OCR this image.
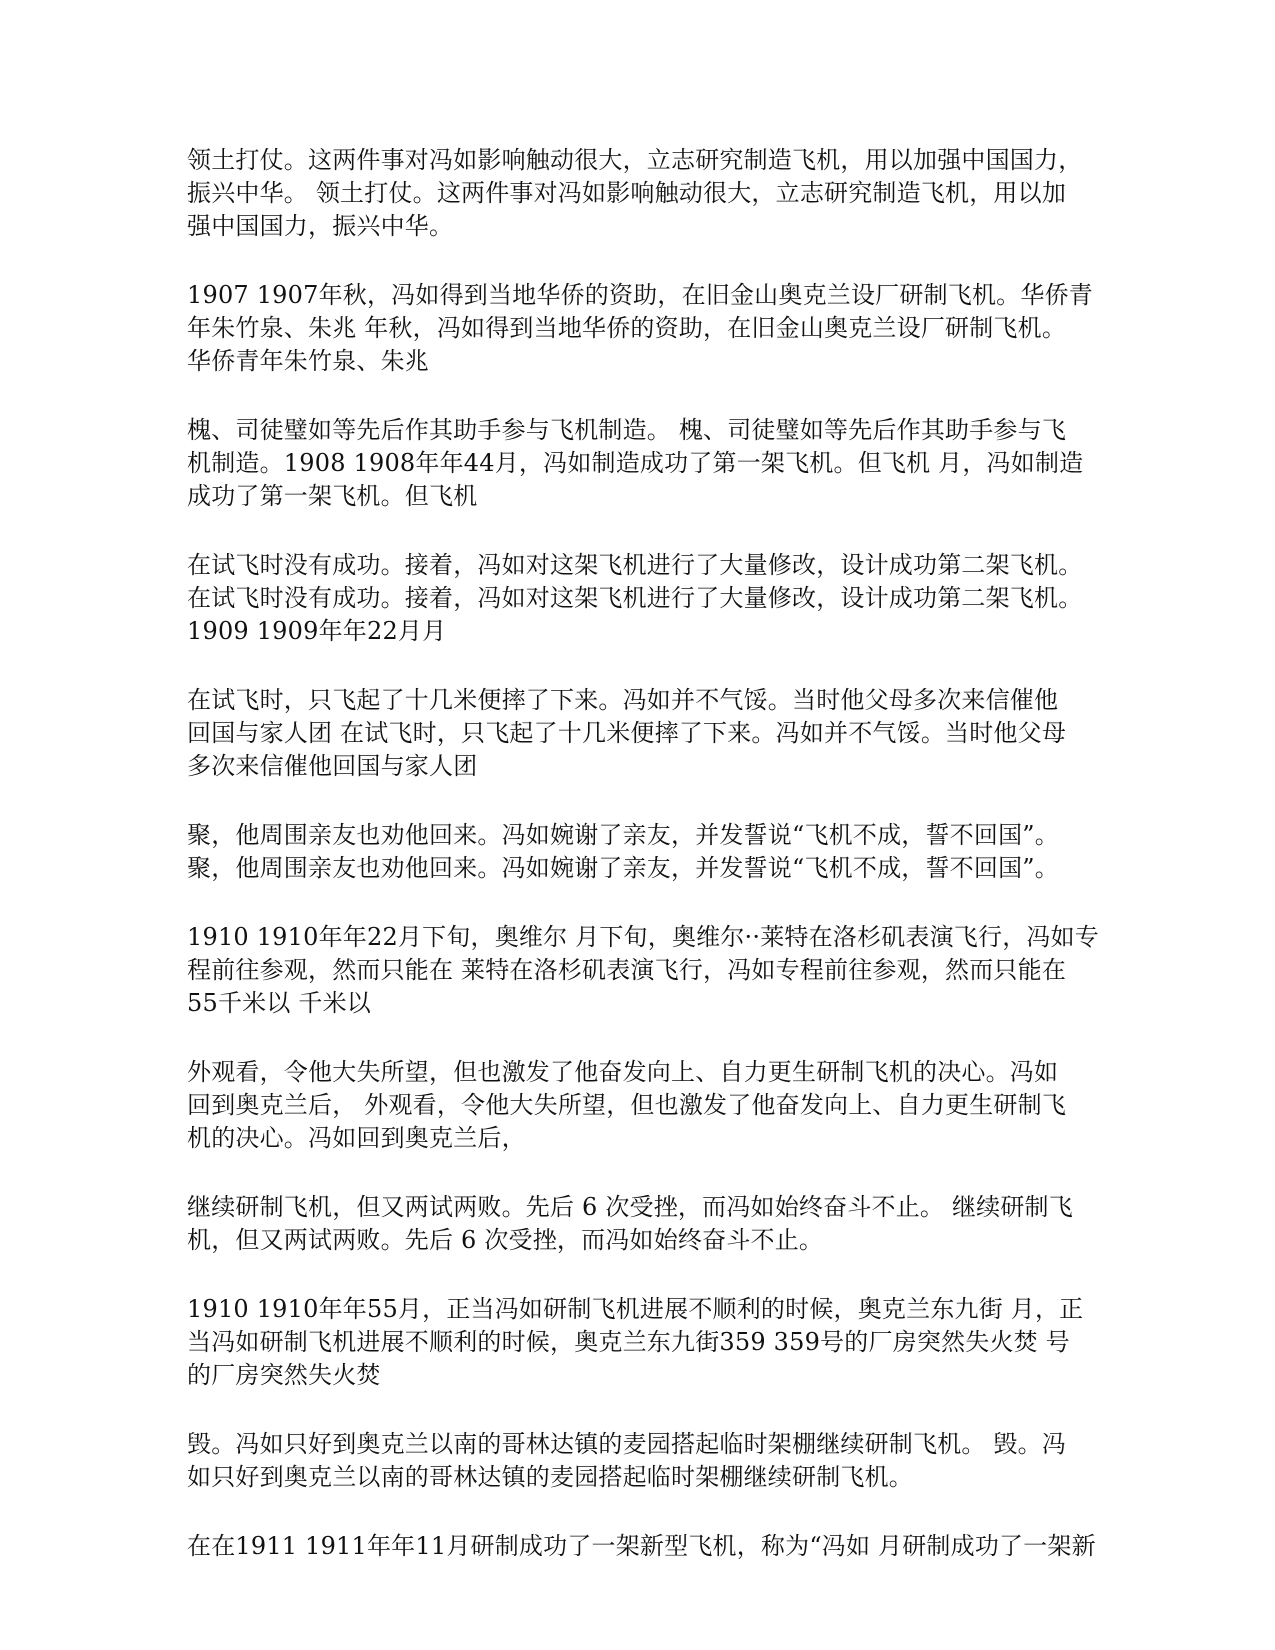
领土打仗。这两件事对冯如影响触动很大，立志研究制造飞机，用以加强中国国力，
振兴中华。 领土打仗。这两件事对冯如影响触动很大，立志研究制造飞机，用以加
强中国国力，振兴中华。
1907 1907年秋，冯如得到当地华侨的资助，在旧金山奥克兰设厂研制飞机。华侨青
年朱竹泉、朱兆 年秋，冯如得到当地华侨的资助，在旧金山奥克兰设厂研制飞机。
华侨青年朱竹泉、朱兆
槐、司徒璧如等先后作其助手参与飞机制造。 槐、司徒璧如等先后作其助手参与飞
机制造。1908 1908年年44月，冯如制造成功了第一架飞机。但飞机 月，冯如制造
成功了第一架飞机。但飞机
在试飞时没有成功。接着，冯如对这架飞机进行了大量修改，设计成功第二架飞机。
在试飞时没有成功。接着，冯如对这架飞机进行了大量修改，设计成功第二架飞机。
1909 1909年年22月月
在试飞时，只飞起了十几米便摔了下来。冯如并不气馁。当时他父母多次来信催他
回国与家人团 在试飞时，只飞起了十几米便摔了下来。冯如并不气馁。当时他父母
多次来信催他回国与家人团
聚，他周围亲友也劝他回来。冯如婉谢了亲友，并发誓说“飞机不成，誓不回国”。
聚，他周围亲友也劝他回来。冯如婉谢了亲友，并发誓说“飞机不成，誓不回国”。
1910 1910年年22月下旬，奥维尔 月下旬，奥维尔··莱特在洛杉矶表演飞行，冯如专
程前往参观，然而只能在 莱特在洛杉矶表演飞行，冯如专程前往参观，然而只能在
55千米以 千米以
外观看，令他大失所望，但也激发了他奋发向上、自力更生研制飞机的决心。冯如
回到奥克兰后， 外观看，令他大失所望，但也激发了他奋发向上、自力更生研制飞
机的决心。冯如回到奥克兰后，
继续研制飞机，但又两试两败。先后 6 次受挫，而冯如始终奋斗不止。 继续研制飞
机，但又两试两败。先后 6 次受挫，而冯如始终奋斗不止。
1910 1910年年55月，正当冯如研制飞机进展不顺利的时候，奥克兰东九街 月，正
当冯如研制飞机进展不顺利的时候，奥克兰东九街359 359号的厂房突然失火焚 号
的厂房突然失火焚
毁。冯如只好到奥克兰以南的哥林达镇的麦园搭起临时架棚继续研制飞机。 毁。冯
如只好到奥克兰以南的哥林达镇的麦园搭起临时架棚继续研制飞机。
在在1911 1911年年11月研制成功了一架新型飞机，称为“冯如 月研制成功了一架新
